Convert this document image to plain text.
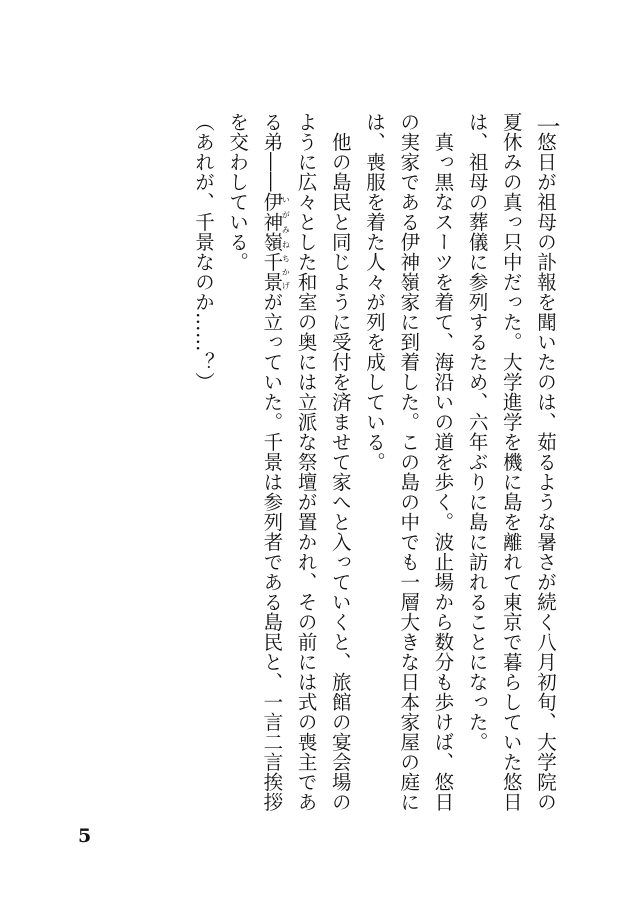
一

　悠日が祖母の訃報を聞いたのは、茹るような暑さが続く八月初旬、大学院の夏休みの真っ只中だった。大学進学を機に島を離れて東京で暮らしていた悠日は、祖母の葬儀に参列するため、六年ぶりに島に訪れることになった。

　真っ黒なスーツを着て、海沿いの道を歩く。波止場から数分も歩けば、悠日の実家である伊神嶺家に到着した。この島の中でも一層大きな日本家屋の庭には、喪服を着た人々が列を成している。

　他の島民と同じように受付を済ませて家へと入っていくと、旅館の宴会場のように広々とした和室の奥には立派な祭壇が置かれ、その前には式の喪主である弟――伊神嶺いがみね千景ちかげが立っていた。千景は参列者である島民と、一言二言挨拶を交わしている。

（あれが、千景なのか……？）

5
